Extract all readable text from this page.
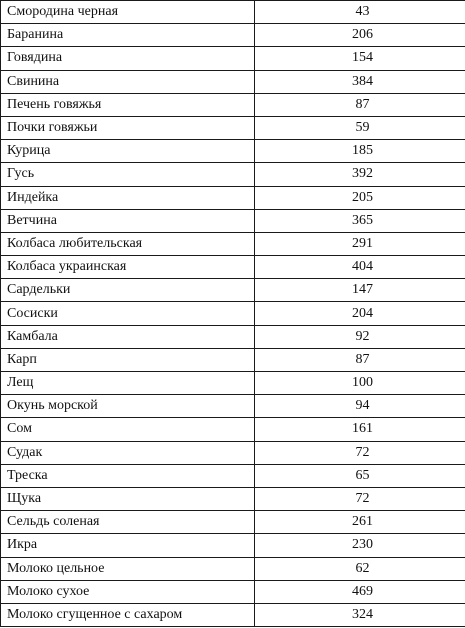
Смородина черная	43
Баранина	206
Говядина	154
Свинина	384
Печень говяжья	87
Почки говяжьи	59
Курица	185
Гусь	392
Индейка	205
Ветчина	365
Колбаса любительская	291
Колбаса украинская	404
Сардельки	147
Сосиски	204
Камбала	92
Карп	87
Лещ	100
Окунь морской	94
Сом	161
Судак	72
Треска	65
Щука	72
Сельдь соленая	261
Икра	230
Молоко цельное	62
Молоко сухое	469
Молоко сгущенное с сахаром	324
